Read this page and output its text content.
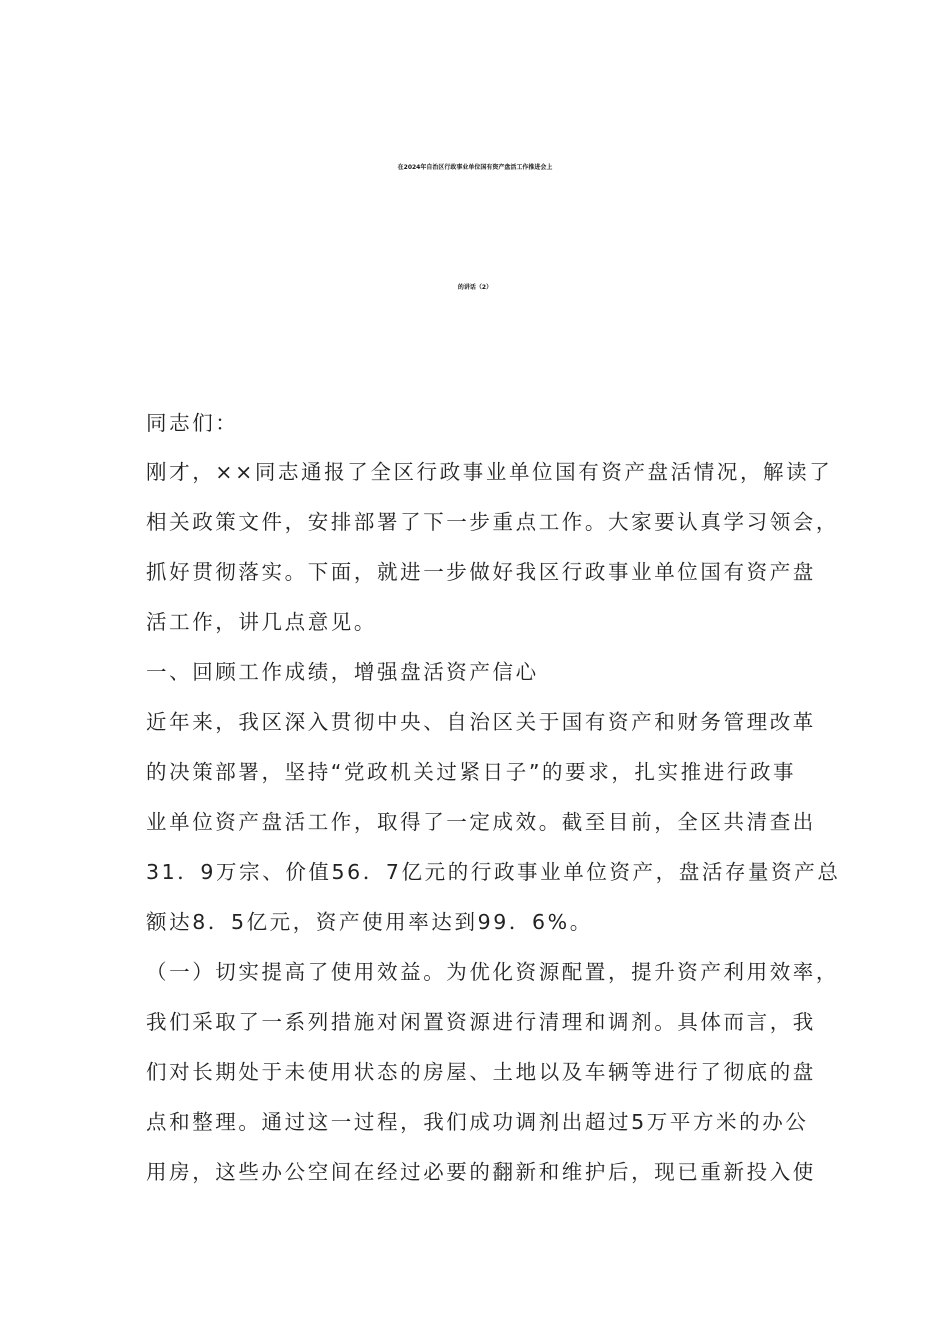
在2024年自治区行政事业单位国有资产盘活工作推进会上
的讲话（2）
同志们：
刚才，××同志通报了全区行政事业单位国有资产盘活情况，解读了
相关政策文件，安排部署了下一步重点工作。大家要认真学习领会，
抓好贯彻落实。下面，就进一步做好我区行政事业单位国有资产盘
活工作，讲几点意见。
一、回顾工作成绩，增强盘活资产信心
近年来，我区深入贯彻中央、自治区关于国有资产和财务管理改革
的决策部署，坚持“党政机关过紧日子”的要求，扎实推进行政事
业单位资产盘活工作，取得了一定成效。截至目前，全区共清查出
31．9万宗、价值56．7亿元的行政事业单位资产，盘活存量资产总
额达8．5亿元，资产使用率达到99．6%。
（一）切实提高了使用效益。为优化资源配置，提升资产利用效率，
我们采取了一系列措施对闲置资源进行清理和调剂。具体而言，我
们对长期处于未使用状态的房屋、土地以及车辆等进行了彻底的盘
点和整理。通过这一过程，我们成功调剂出超过5万平方米的办公
用房，这些办公空间在经过必要的翻新和维护后，现已重新投入使
